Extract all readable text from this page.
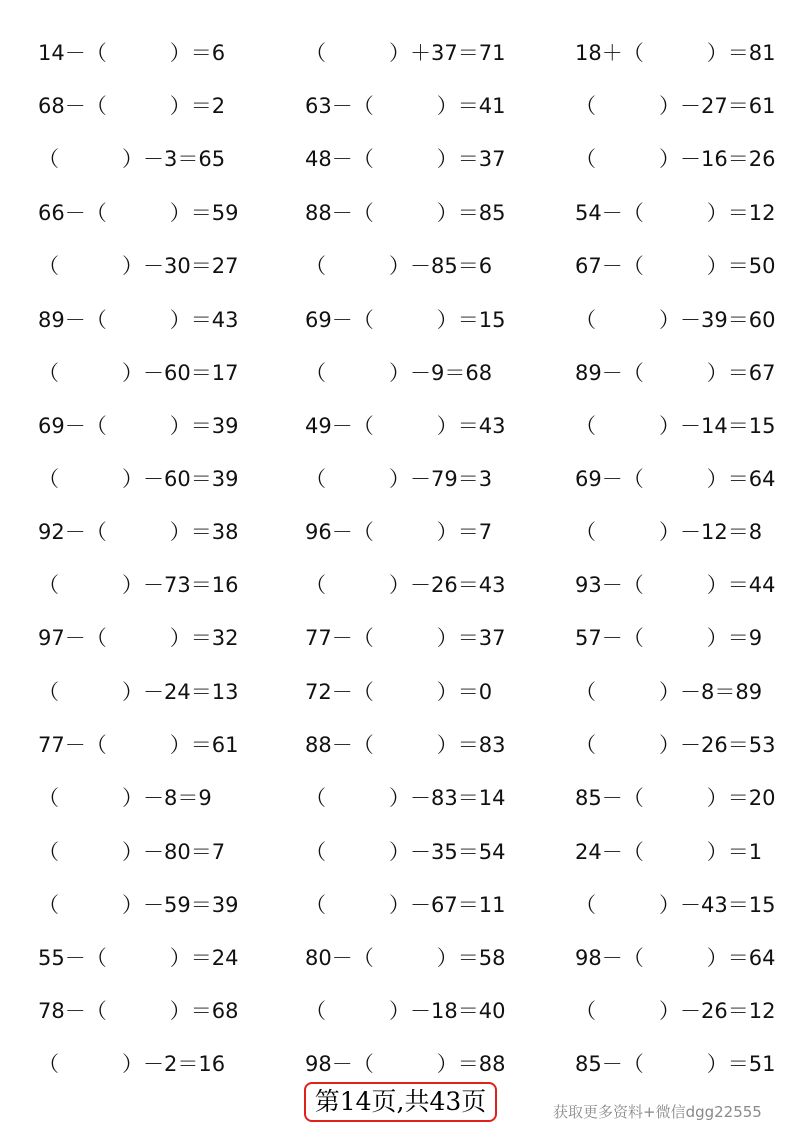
14－（　　　）＝6	（　　　）＋37＝71	18＋（　　　）＝81
68－（　　　）＝2	63－（　　　）＝41	（　　　）－27＝61
（　　　）－3＝65	48－（　　　）＝37	（　　　）－16＝26
66－（　　　）＝59	88－（　　　）＝85	54－（　　　）＝12
（　　　）－30＝27	（　　　）－85＝6	67－（　　　）＝50
89－（　　　）＝43	69－（　　　）＝15	（　　　）－39＝60
（　　　）－60＝17	（　　　）－9＝68	89－（　　　）＝67
69－（　　　）＝39	49－（　　　）＝43	（　　　）－14＝15
（　　　）－60＝39	（　　　）－79＝3	69－（　　　）＝64
92－（　　　）＝38	96－（　　　）＝7	（　　　）－12＝8
（　　　）－73＝16	（　　　）－26＝43	93－（　　　）＝44
97－（　　　）＝32	77－（　　　）＝37	57－（　　　）＝9
（　　　）－24＝13	72－（　　　）＝0	（　　　）－8＝89
77－（　　　）＝61	88－（　　　）＝83	（　　　）－26＝53
（　　　）－8＝9	（　　　）－83＝14	85－（　　　）＝20
（　　　）－80＝7	（　　　）－35＝54	24－（　　　）＝1
（　　　）－59＝39	（　　　）－67＝11	（　　　）－43＝15
55－（　　　）＝24	80－（　　　）＝58	98－（　　　）＝64
78－（　　　）＝68	（　　　）－18＝40	（　　　）－26＝12
（　　　）－2＝16	98－（　　　）＝88	85－（　　　）＝51
第14页,共43页	获取更多资料+微信dgg22555
